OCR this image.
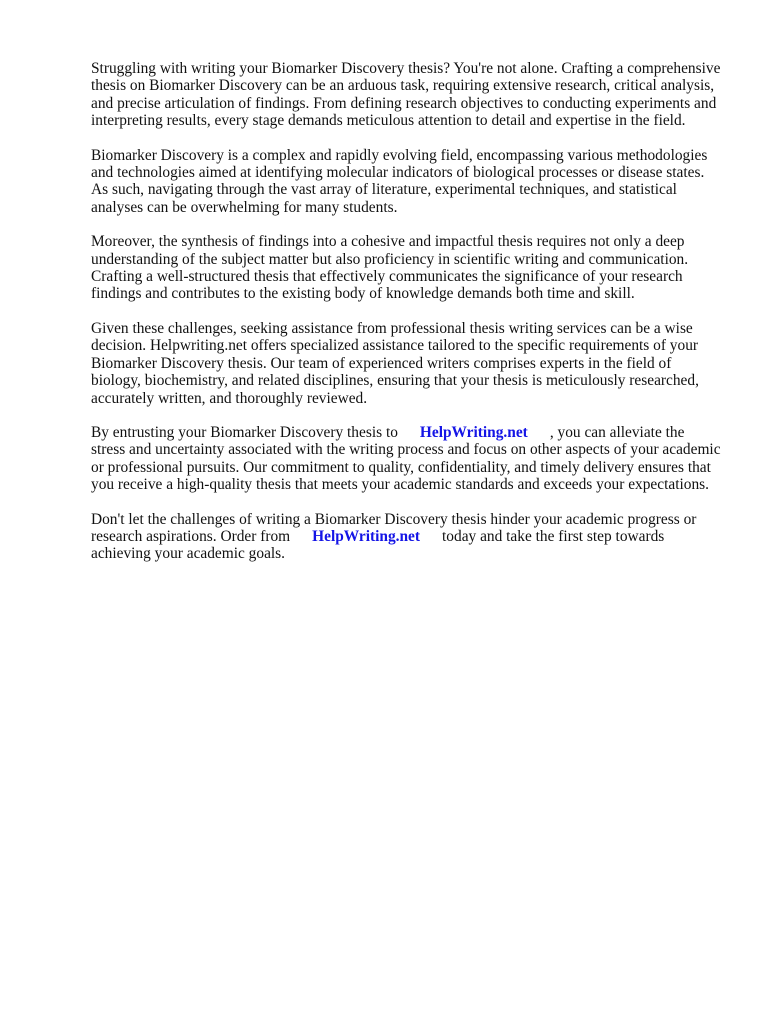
Struggling with writing your Biomarker Discovery thesis? You're not alone. Crafting a comprehensive thesis on Biomarker Discovery can be an arduous task, requiring extensive research, critical analysis, and precise articulation of findings. From defining research objectives to conducting experiments and interpreting results, every stage demands meticulous attention to detail and expertise in the field.

Biomarker Discovery is a complex and rapidly evolving field, encompassing various methodologies and technologies aimed at identifying molecular indicators of biological processes or disease states. As such, navigating through the vast array of literature, experimental techniques, and statistical analyses can be overwhelming for many students.

Moreover, the synthesis of findings into a cohesive and impactful thesis requires not only a deep understanding of the subject matter but also proficiency in scientific writing and communication. Crafting a well-structured thesis that effectively communicates the significance of your research findings and contributes to the existing body of knowledge demands both time and skill.

Given these challenges, seeking assistance from professional thesis writing services can be a wise decision. Helpwriting.net offers specialized assistance tailored to the specific requirements of your Biomarker Discovery thesis. Our team of experienced writers comprises experts in the field of biology, biochemistry, and related disciplines, ensuring that your thesis is meticulously researched, accurately written, and thoroughly reviewed.

By entrusting your Biomarker Discovery thesis to HelpWriting.net , you can alleviate the stress and uncertainty associated with the writing process and focus on other aspects of your academic or professional pursuits. Our commitment to quality, confidentiality, and timely delivery ensures that you receive a high-quality thesis that meets your academic standards and exceeds your expectations.

Don't let the challenges of writing a Biomarker Discovery thesis hinder your academic progress or research aspirations. Order from HelpWriting.net today and take the first step towards achieving your academic goals.
